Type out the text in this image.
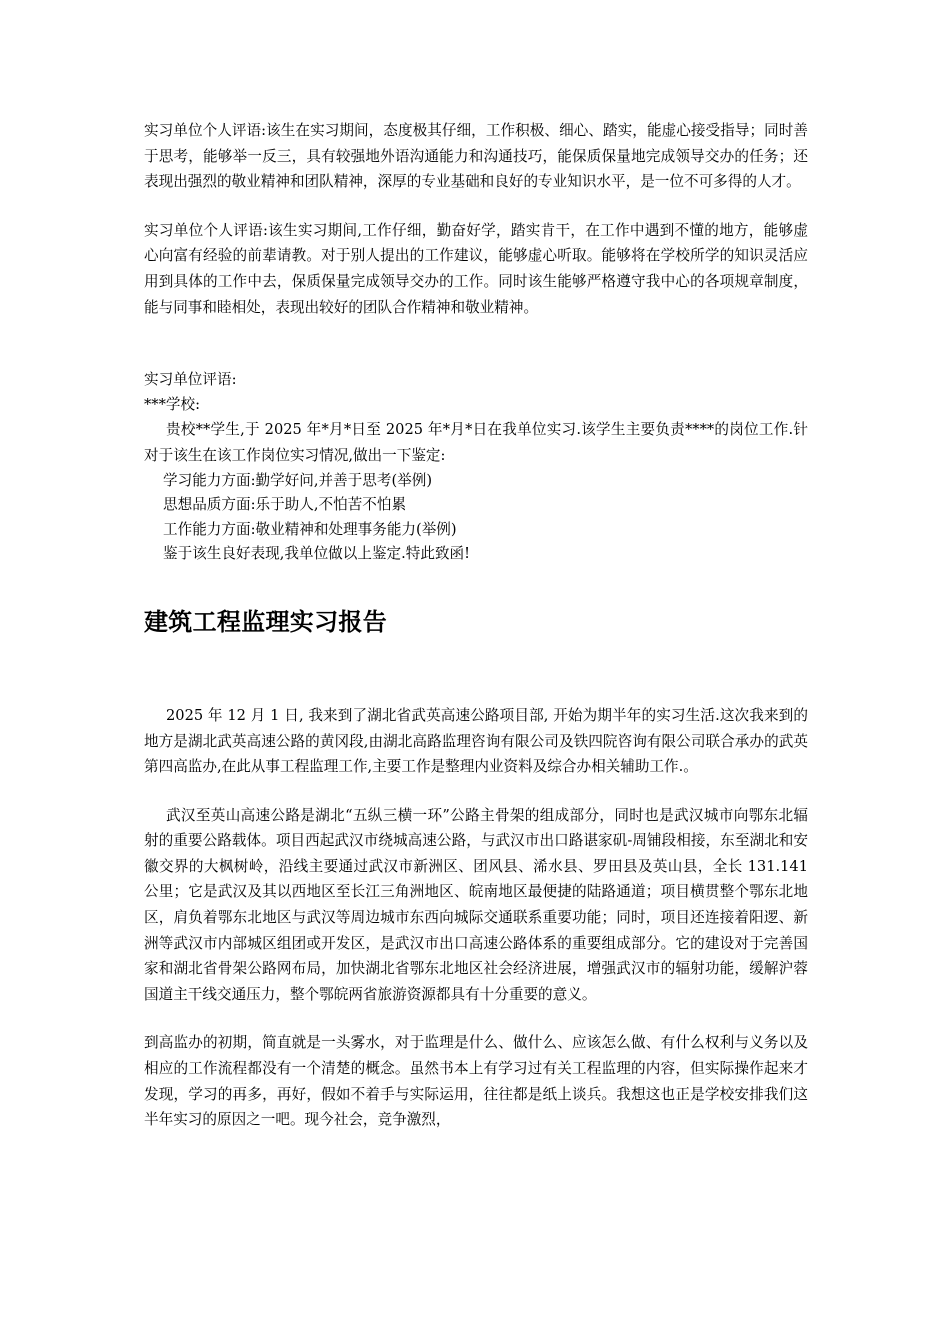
实习单位个人评语:该生在实习期间，态度极其仔细，工作积极、细心、踏实，能虚心接受指导；同时善于思考，能够举一反三，具有较强地外语沟通能力和沟通技巧，能保质保量地完成领导交办的任务；还表现出强烈的敬业精神和团队精神，深厚的专业基础和良好的专业知识水平，是一位不可多得的人才。

实习单位个人评语:该生实习期间,工作仔细，勤奋好学，踏实肯干，在工作中遇到不懂的地方，能够虚心向富有经验的前辈请教。对于别人提出的工作建议，能够虚心听取。能够将在学校所学的知识灵活应用到具体的工作中去，保质保量完成领导交办的工作。同时该生能够严格遵守我中心的各项规章制度，能与同事和睦相处，表现出较好的团队合作精神和敬业精神。

实习单位评语:

***学校:

贵校**学生,于 2025 年*月*日至 2025 年*月*日在我单位实习.该学生主要负责****的岗位工作.针对于该生在该工作岗位实习情况,做出一下鉴定:

学习能力方面:勤学好问,并善于思考(举例)

思想品质方面:乐于助人,不怕苦不怕累

工作能力方面:敬业精神和处理事务能力(举例)

鉴于该生良好表现,我单位做以上鉴定.特此致函!

建筑工程监理实习报告

2025 年 12 月 1 日, 我来到了湖北省武英高速公路项目部, 开始为期半年的实习生活.这次我来到的地方是湖北武英高速公路的黄冈段,由湖北高路监理咨询有限公司及铁四院咨询有限公司联合承办的武英第四高监办,在此从事工程监理工作,主要工作是整理内业资料及综合办相关辅助工作.。

武汉至英山高速公路是湖北“五纵三横一环”公路主骨架的组成部分，同时也是武汉城市向鄂东北辐射的重要公路载体。项目西起武汉市绕城高速公路，与武汉市出口路谌家矶-周铺段相接，东至湖北和安徽交界的大枫树岭，沿线主要通过武汉市新洲区、团风县、浠水县、罗田县及英山县，全长 131.141 公里；它是武汉及其以西地区至长江三角洲地区、皖南地区最便捷的陆路通道；项目横贯整个鄂东北地区，肩负着鄂东北地区与武汉等周边城市东西向城际交通联系重要功能；同时，项目还连接着阳逻、新洲等武汉市内部城区组团或开发区，是武汉市出口高速公路体系的重要组成部分。它的建设对于完善国家和湖北省骨架公路网布局，加快湖北省鄂东北地区社会经济进展，增强武汉市的辐射功能，缓解沪蓉国道主干线交通压力，整个鄂皖两省旅游资源都具有十分重要的意义。

到高监办的初期，简直就是一头雾水，对于监理是什么、做什么、应该怎么做、有什么权利与义务以及相应的工作流程都没有一个清楚的概念。虽然书本上有学习过有关工程监理的内容，但实际操作起来才发现，学习的再多，再好，假如不着手与实际运用，往往都是纸上谈兵。我想这也正是学校安排我们这半年实习的原因之一吧。现今社会，竞争激烈，
